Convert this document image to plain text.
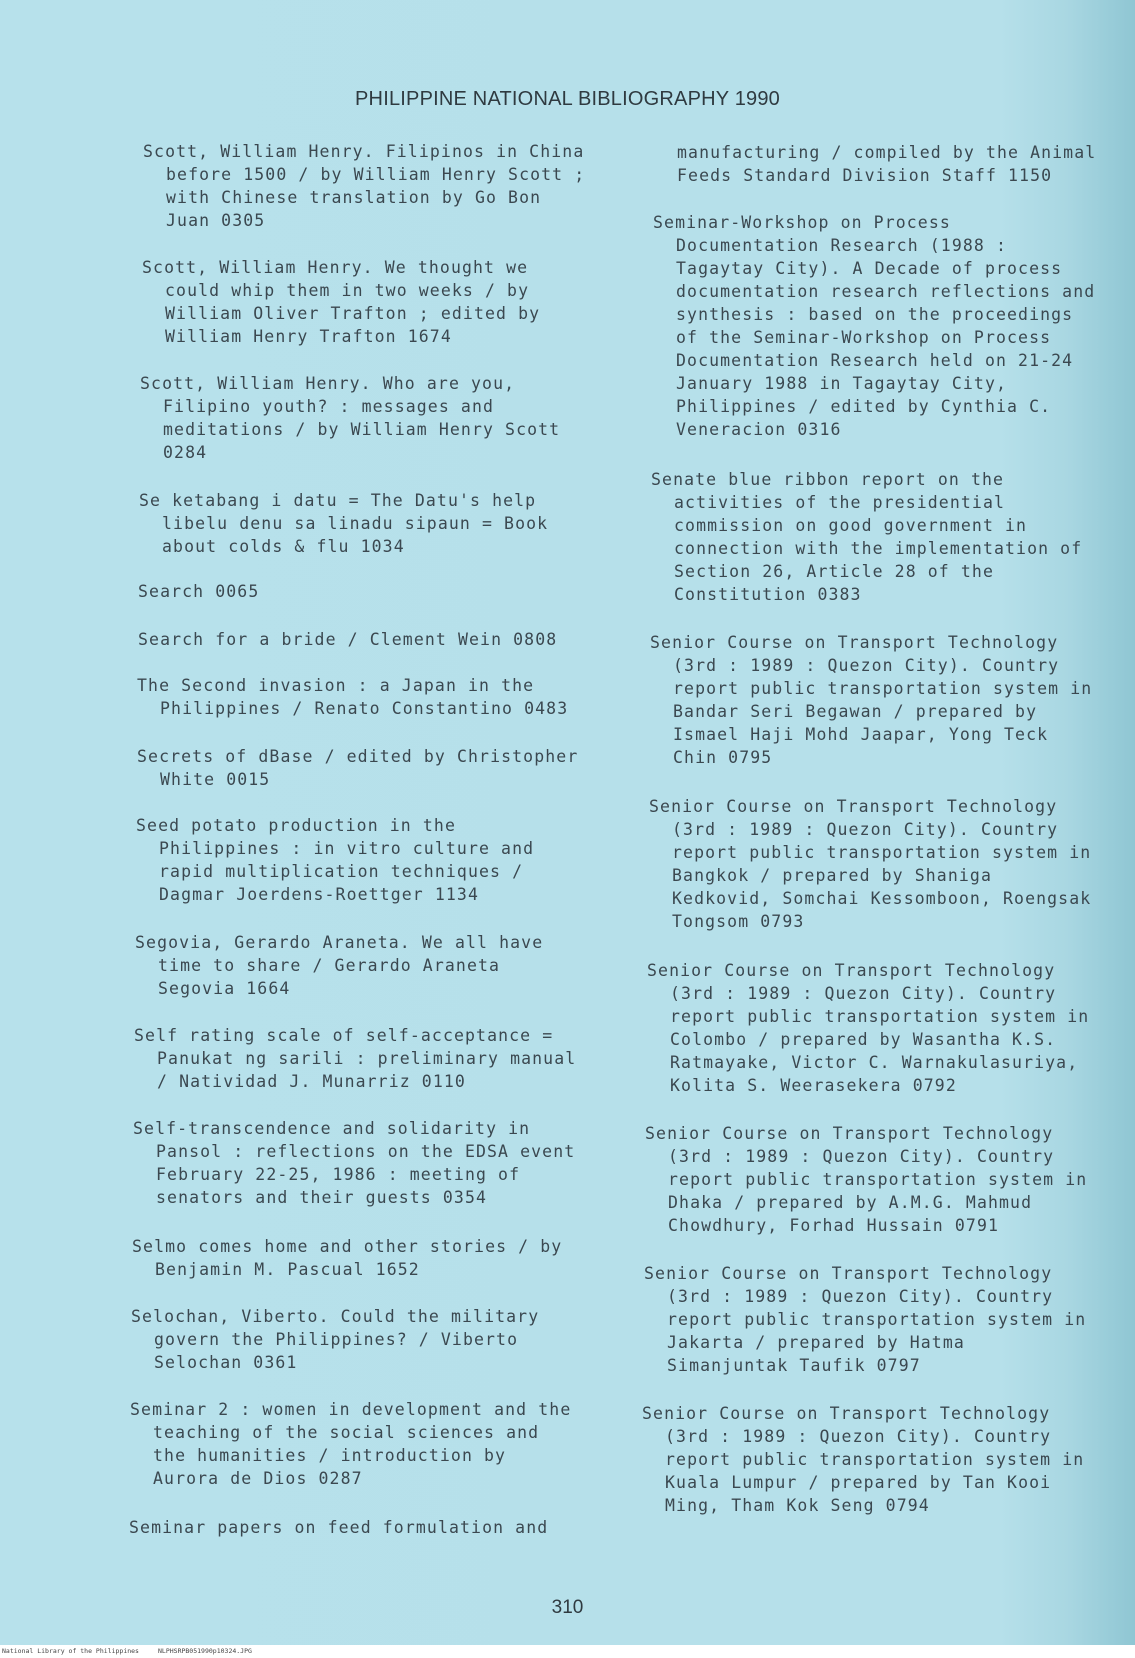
PHILIPPINE NATIONAL BIBLIOGRAPHY 1990
Scott, William Henry. Filipinos in China
before 1500 / by William Henry Scott ;
with Chinese translation by Go Bon
Juan 0305
Scott, William Henry. We thought we
could whip them in two weeks / by
William Oliver Trafton ; edited by
William Henry Trafton 1674
Scott, William Henry. Who are you,
Filipino youth? : messages and
meditations / by William Henry Scott
0284
Se ketabang i datu = The Datu's help
libelu denu sa linadu sipaun = Book
about colds & flu 1034
Search 0065
Search for a bride / Clement Wein 0808
The Second invasion : a Japan in the
Philippines / Renato Constantino 0483
Secrets of dBase / edited by Christopher
White 0015
Seed potato production in the
Philippines : in vitro culture and
rapid multiplication techniques /
Dagmar Joerdens-Roettger 1134
Segovia, Gerardo Araneta. We all have
time to share / Gerardo Araneta
Segovia 1664
Self rating scale of self-acceptance =
Panukat ng sarili : preliminary manual
/ Natividad J. Munarriz 0110
Self-transcendence and solidarity in
Pansol : reflections on the EDSA event
February 22-25, 1986 : meeting of
senators and their guests 0354
Selmo comes home and other stories / by
Benjamin M. Pascual 1652
Selochan, Viberto. Could the military
govern the Philippines? / Viberto
Selochan 0361
Seminar 2 : women in development and the
teaching of the social sciences and
the humanities / introduction by
Aurora de Dios 0287
Seminar papers on feed formulation and
manufacturing / compiled by the Animal
Feeds Standard Division Staff 1150
Seminar-Workshop on Process
Documentation Research (1988 :
Tagaytay City). A Decade of process
documentation research reflections and
synthesis : based on the proceedings
of the Seminar-Workshop on Process
Documentation Research held on 21-24
January 1988 in Tagaytay City,
Philippines / edited by Cynthia C.
Veneracion 0316
Senate blue ribbon report on the
activities of the presidential
commission on good government in
connection with the implementation of
Section 26, Article 28 of the
Constitution 0383
Senior Course on Transport Technology
(3rd : 1989 : Quezon City). Country
report public transportation system in
Bandar Seri Begawan / prepared by
Ismael Haji Mohd Jaapar, Yong Teck
Chin 0795
Senior Course on Transport Technology
(3rd : 1989 : Quezon City). Country
report public transportation system in
Bangkok / prepared by Shaniga
Kedkovid, Somchai Kessomboon, Roengsak
Tongsom 0793
Senior Course on Transport Technology
(3rd : 1989 : Quezon City). Country
report public transportation system in
Colombo / prepared by Wasantha K.S.
Ratmayake, Victor C. Warnakulasuriya,
Kolita S. Weerasekera 0792
Senior Course on Transport Technology
(3rd : 1989 : Quezon City). Country
report public transportation system in
Dhaka / prepared by A.M.G. Mahmud
Chowdhury, Forhad Hussain 0791
Senior Course on Transport Technology
(3rd : 1989 : Quezon City). Country
report public transportation system in
Jakarta / prepared by Hatma
Simanjuntak Taufik 0797
Senior Course on Transport Technology
(3rd : 1989 : Quezon City). Country
report public transportation system in
Kuala Lumpur / prepared by Tan Kooi
Ming, Tham Kok Seng 0794
310
National Library of the Philippines	NLPHSRPB051990p10324.JPG
